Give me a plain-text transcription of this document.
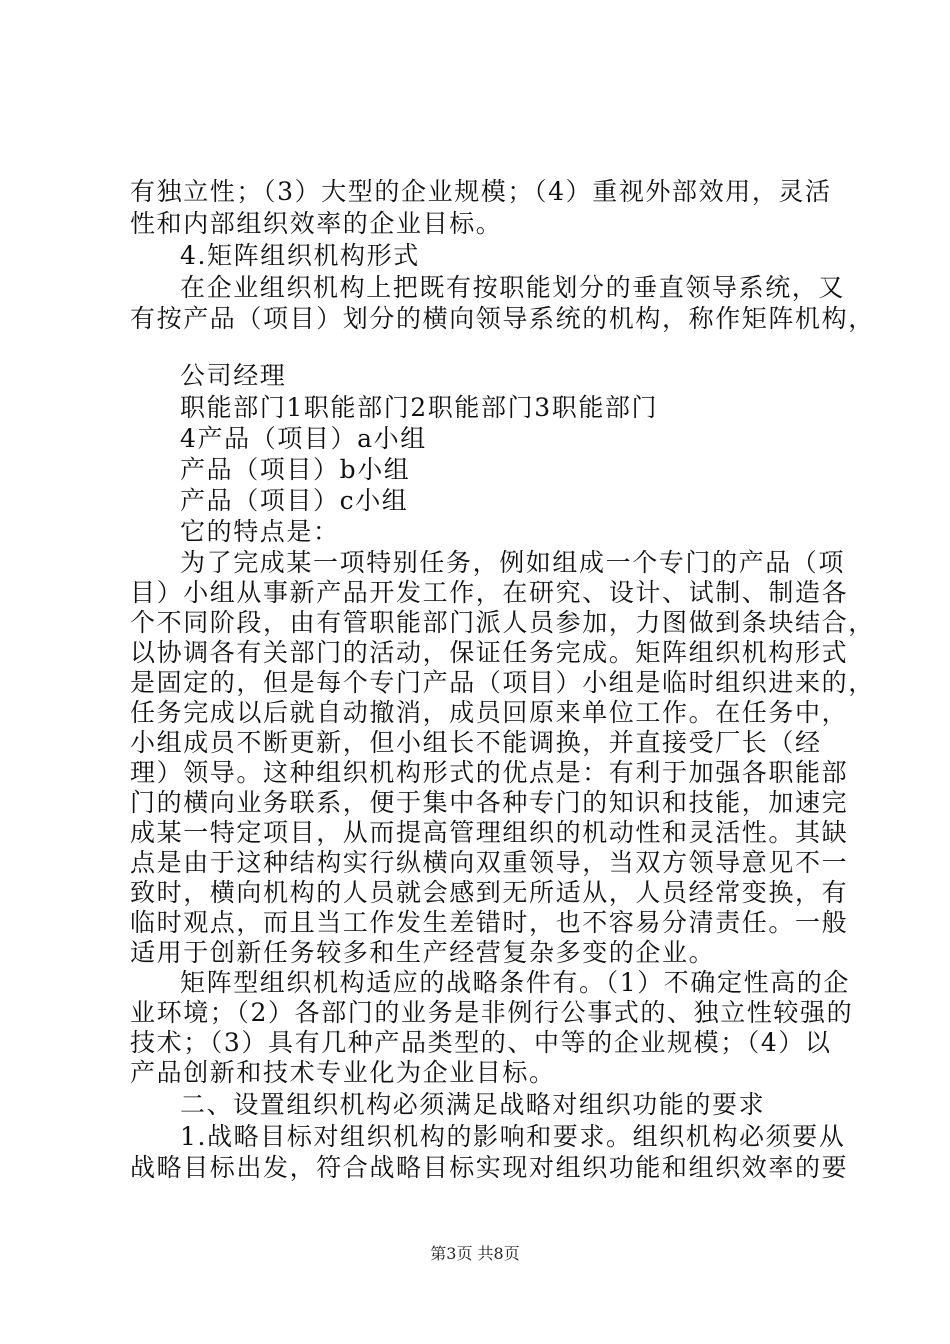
有独立性；（3）大型的企业规模；（4）重视外部效用，灵活
性和内部组织效率的企业目标。
4.矩阵组织机构形式
在企业组织机构上把既有按职能划分的垂直领导系统，又
有按产品（项目）划分的横向领导系统的机构，称作矩阵机构，
公司经理
职能部门1职能部门2职能部门3职能部门
4产品（项目）a小组
产品（项目）b小组
产品（项目）c小组
它的特点是：
为了完成某一项特别任务，例如组成一个专门的产品（项
目）小组从事新产品开发工作，在研究、设计、试制、制造各
个不同阶段，由有管职能部门派人员参加，力图做到条块结合，
以协调各有关部门的活动，保证任务完成。矩阵组织机构形式
是固定的，但是每个专门产品（项目）小组是临时组织进来的，
任务完成以后就自动撤消，成员回原来单位工作。在任务中，
小组成员不断更新，但小组长不能调换，并直接受厂长（经
理）领导。这种组织机构形式的优点是：有利于加强各职能部
门的横向业务联系，便于集中各种专门的知识和技能，加速完
成某一特定项目，从而提高管理组织的机动性和灵活性。其缺
点是由于这种结构实行纵横向双重领导，当双方领导意见不一
致时，横向机构的人员就会感到无所适从，人员经常变换，有
临时观点，而且当工作发生差错时，也不容易分清责任。一般
适用于创新任务较多和生产经营复杂多变的企业。
矩阵型组织机构适应的战略条件有。（1）不确定性高的企
业环境；（2）各部门的业务是非例行公事式的、独立性较强的
技术；（3）具有几种产品类型的、中等的企业规模；（4）以
产品创新和技术专业化为企业目标。
二、设置组织机构必须满足战略对组织功能的要求
1.战略目标对组织机构的影响和要求。组织机构必须要从
战略目标出发，符合战略目标实现对组织功能和组织效率的要
第3页 共8页
